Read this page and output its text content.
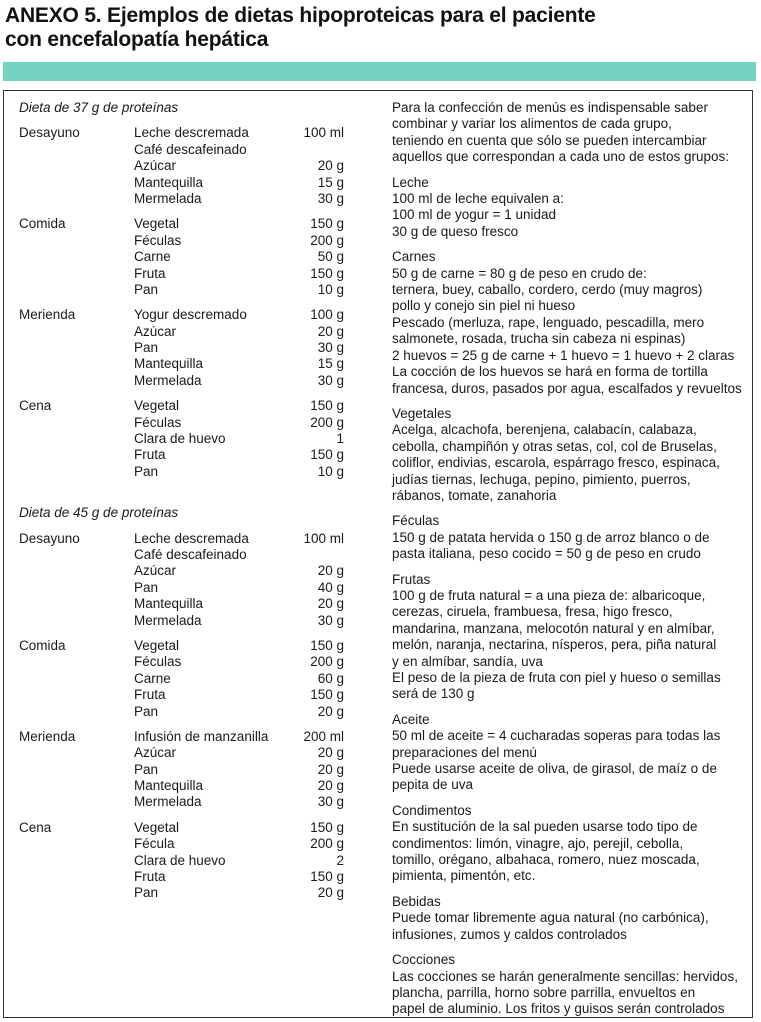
ANEXO 5. Ejemplos de dietas hipoproteicas para el paciente
con encefalopatía hepática
Dieta de 37 g de proteínas
Desayuno	Leche descremada	100 ml
Café descafeinado
Azúcar	20 g
Mantequilla	15 g
Mermelada	30 g
Comida	Vegetal	150 g
Féculas	200 g
Carne	50 g
Fruta	150 g
Pan	10 g
Merienda	Yogur descremado	100 g
Azúcar	20 g
Pan	30 g
Mantequilla	15 g
Mermelada	30 g
Cena	Vegetal	150 g
Féculas	200 g
Clara de huevo	1
Fruta	150 g
Pan	10 g
Dieta de 45 g de proteínas
Desayuno	Leche descremada	100 ml
Café descafeinado
Azúcar	20 g
Pan	40 g
Mantequilla	20 g
Mermelada	30 g
Comida	Vegetal	150 g
Féculas	200 g
Carne	60 g
Fruta	150 g
Pan	20 g
Merienda	Infusión de manzanilla	200 ml
Azúcar	20 g
Pan	20 g
Mantequilla	20 g
Mermelada	30 g
Cena	Vegetal	150 g
Fécula	200 g
Clara de huevo	2
Fruta	150 g
Pan	20 g
Para la confección de menús es indispensable saber
combinar y variar los alimentos de cada grupo,
teniendo en cuenta que sólo se pueden intercambiar
aquellos que correspondan a cada uno de estos grupos:
Leche
100 ml de leche equivalen a:
100 ml de yogur = 1 unidad
30 g de queso fresco
Carnes
50 g de carne = 80 g de peso en crudo de:
ternera, buey, caballo, cordero, cerdo (muy magros)
pollo y conejo sin piel ni hueso
Pescado (merluza, rape, lenguado, pescadilla, mero
salmonete, rosada, trucha sin cabeza ni espinas)
2 huevos = 25 g de carne + 1 huevo = 1 huevo + 2 claras
La cocción de los huevos se hará en forma de tortilla
francesa, duros, pasados por agua, escalfados y revueltos
Vegetales
Acelga, alcachofa, berenjena, calabacín, calabaza,
cebolla, champiñón y otras setas, col, col de Bruselas,
coliflor, endivias, escarola, espárrago fresco, espinaca,
judías tiernas, lechuga, pepino, pimiento, puerros,
rábanos, tomate, zanahoria
Féculas
150 g de patata hervida o 150 g de arroz blanco o de
pasta italiana, peso cocido = 50 g de peso en crudo
Frutas
100 g de fruta natural = a una pieza de: albaricoque,
cerezas, ciruela, frambuesa, fresa, higo fresco,
mandarina, manzana, melocotón natural y en almíbar,
melón, naranja, nectarina, nísperos, pera, piña natural
y en almíbar, sandía, uva
El peso de la pieza de fruta con piel y hueso o semillas
será de 130 g
Aceite
50 ml de aceite = 4 cucharadas soperas para todas las
preparaciones del menú
Puede usarse aceite de oliva, de girasol, de maíz o de
pepita de uva
Condimentos
En sustitución de la sal pueden usarse todo tipo de
condimentos: limón, vinagre, ajo, perejil, cebolla,
tomillo, orégano, albahaca, romero, nuez moscada,
pimienta, pimentón, etc.
Bebidas
Puede tomar libremente agua natural (no carbónica),
infusiones, zumos y caldos controlados
Cocciones
Las cocciones se harán generalmente sencillas: hervidos,
plancha, parrilla, horno sobre parrilla, envueltos en
papel de aluminio. Los fritos y guisos serán controlados
